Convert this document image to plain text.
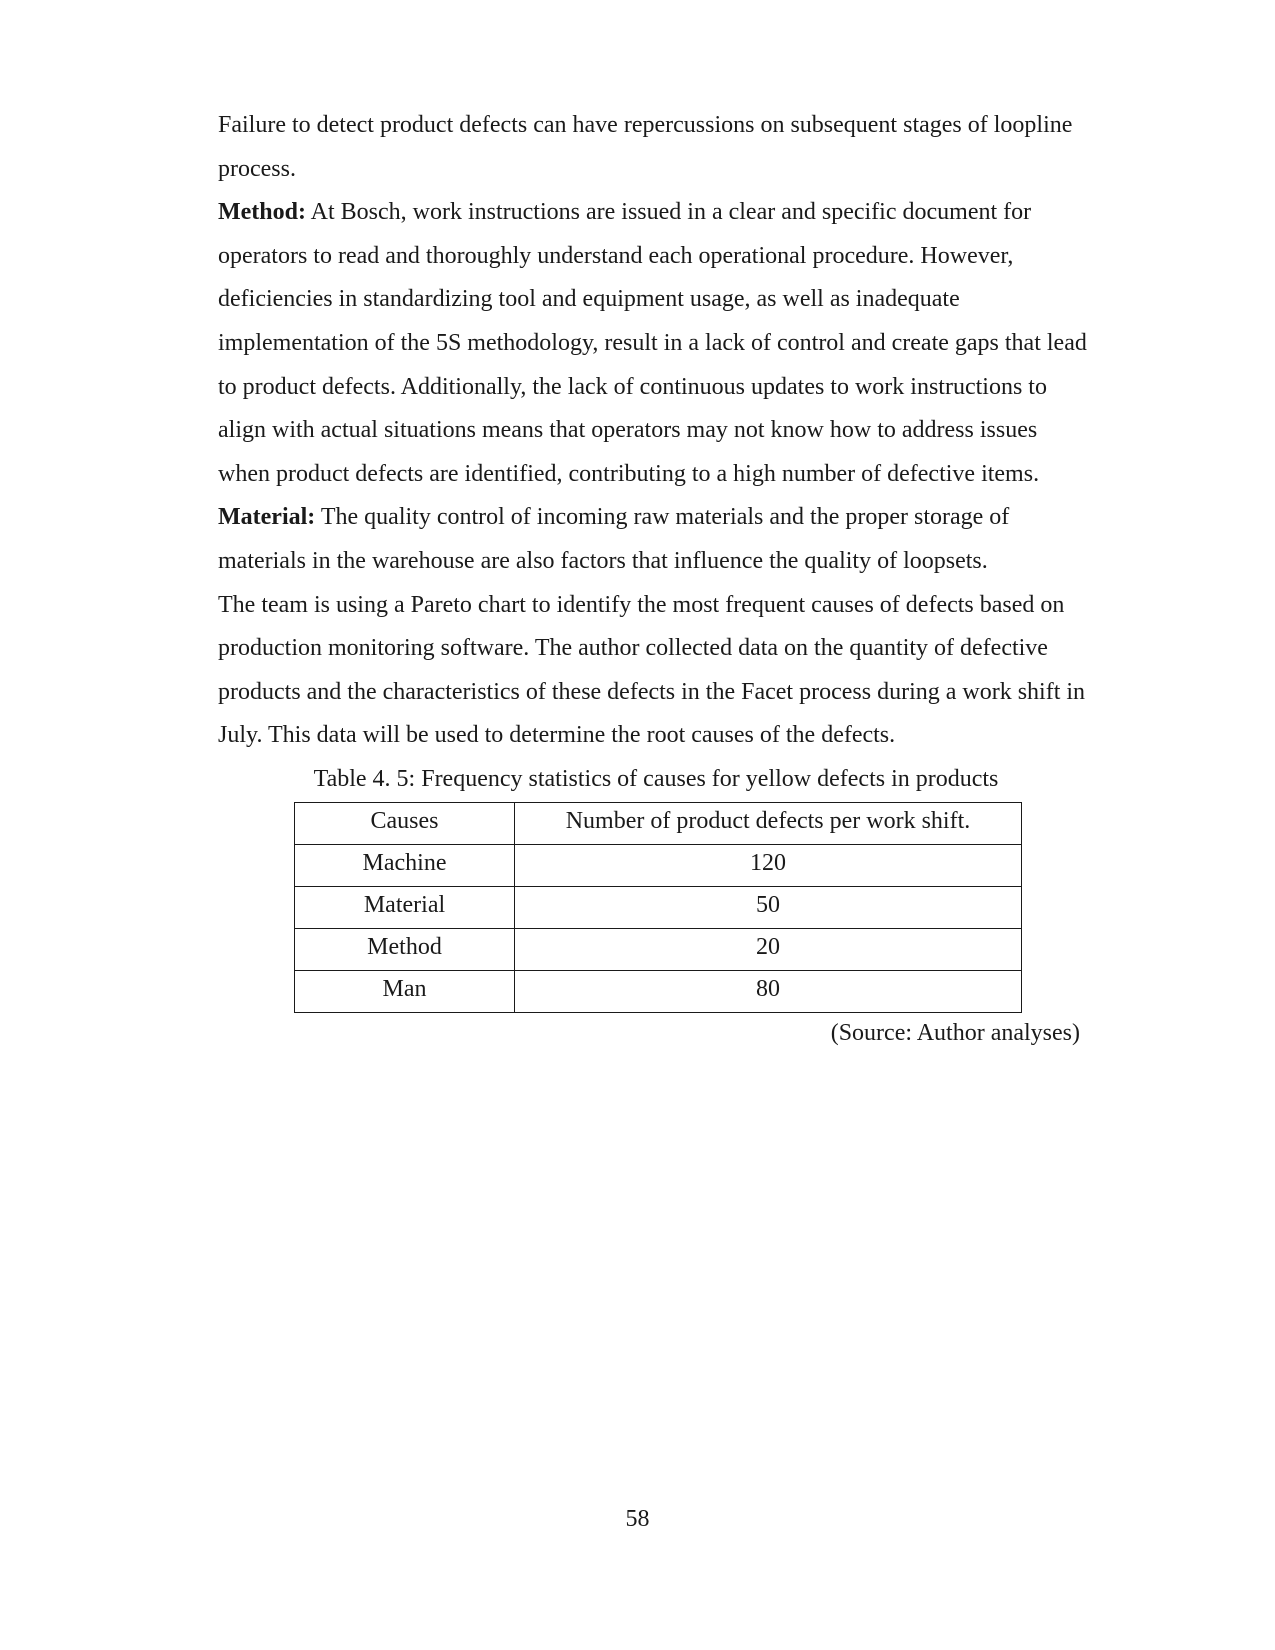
Failure to detect product defects can have repercussions on subsequent stages of loopline process.

Method: At Bosch, work instructions are issued in a clear and specific document for operators to read and thoroughly understand each operational procedure. However, deficiencies in standardizing tool and equipment usage, as well as inadequate implementation of the 5S methodology, result in a lack of control and create gaps that lead to product defects. Additionally, the lack of continuous updates to work instructions to align with actual situations means that operators may not know how to address issues when product defects are identified, contributing to a high number of defective items.

Material: The quality control of incoming raw materials and the proper storage of materials in the warehouse are also factors that influence the quality of loopsets.

The team is using a Pareto chart to identify the most frequent causes of defects based on production monitoring software. The author collected data on the quantity of defective products and the characteristics of these defects in the Facet process during a work shift in July. This data will be used to determine the root causes of the defects.

Table 4. 5: Frequency statistics of causes for yellow defects in products
Causes	Number of product defects per work shift.
Machine	120
Material	50
Method	20
Man	80
(Source: Author analyses)
58
